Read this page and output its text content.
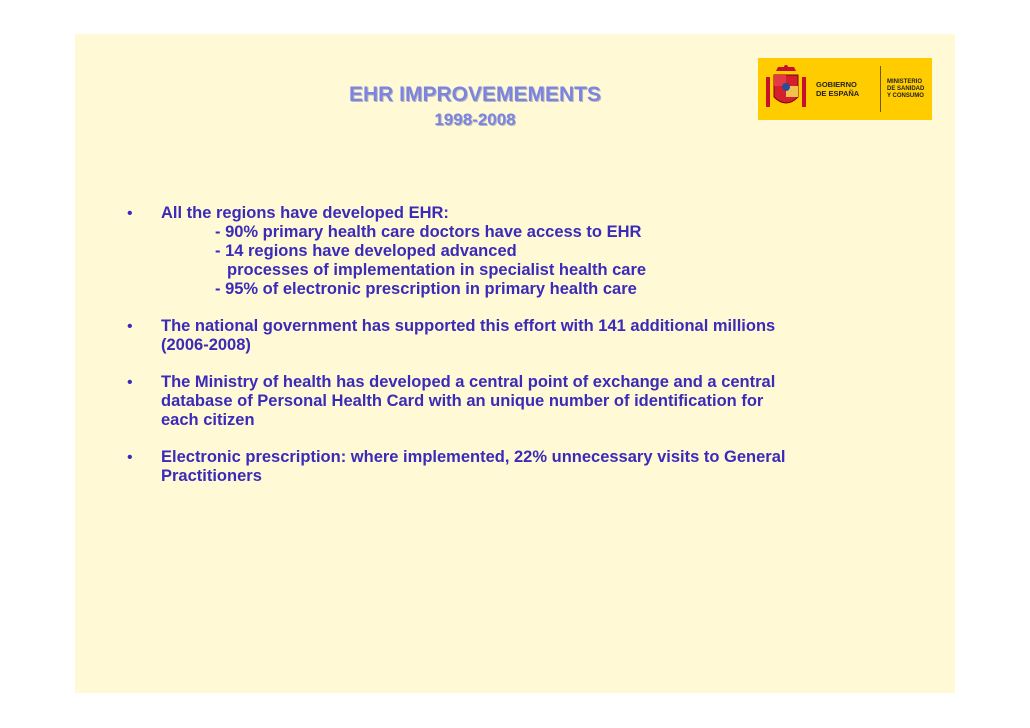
EHR IMPROVEMEMENTS
1998-2008
GOBIERNO
DE ESPAÑA
MINISTERIO
DE SANIDAD
Y CONSUMO
• All the regions have developed EHR:
- 90% primary health care doctors have access to EHR
- 14 regions have developed advanced
processes of implementation in specialist health care
- 95% of electronic prescription in primary health care
• The national government has supported this effort with 141 additional millions
(2006-2008)
• The Ministry of health has developed a central point of exchange and a central
database of Personal Health Card with an unique number of identification for
each citizen
• Electronic prescription: where implemented, 22% unnecessary visits to General
Practitioners
